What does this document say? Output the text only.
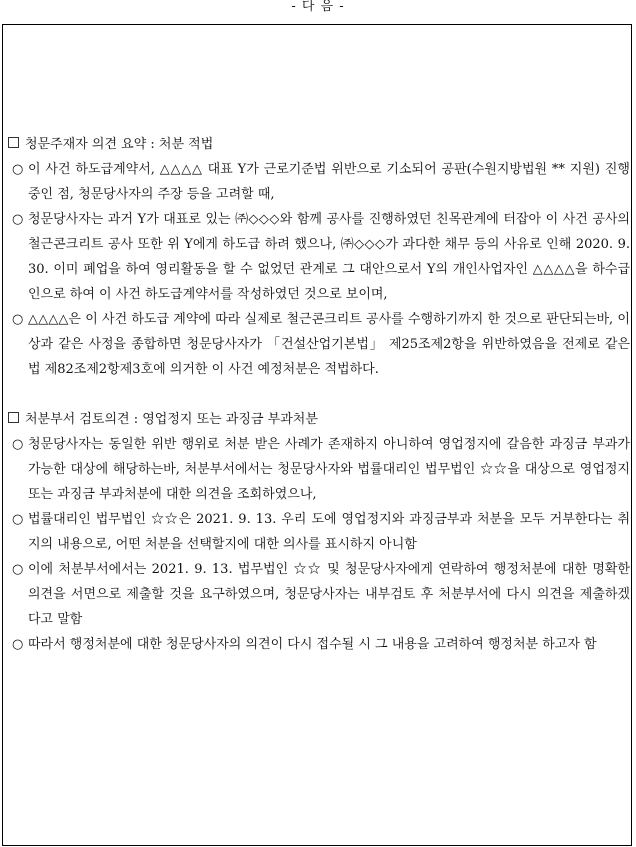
- 다 음 -

청문주재자 의견 요약 : 처분 적법

○ 이 사건 하도급계약서, △△△△ 대표 Y가 근로기준법 위반으로 기소되어 공판(수원지방법원 ** 지원) 진행 중인 점, 청문당사자의 주장 등을 고려할 때,

○ 청문당사자는 과거 Y가 대표로 있는 ㈜◇◇◇와 함께 공사를 진행하였던 친목관계에 터잡아 이 사건 공사의 철근콘크리트 공사 또한 위 Y에게 하도급 하려 했으나, ㈜◇◇◇가 과다한 채무 등의 사유로 인해 2020. 9. 30. 이미 폐업을 하여 영리활동을 할 수 없었던 관계로 그 대안으로서 Y의 개인사업자인 △△△△을 하수급인으로 하여 이 사건 하도급계약서를 작성하였던 것으로 보이며,

○ △△△△은 이 사건 하도급 계약에 따라 실제로 철근콘크리트 공사를 수행하기까지 한 것으로 판단되는바, 이상과 같은 사정을 종합하면 청문당사자가 「건설산업기본법」 제25조제2항을 위반하였음을 전제로 같은 법 제82조제2항제3호에 의거한 이 사건 예정처분은 적법하다.

처분부서 검토의견 : 영업정지 또는 과징금 부과처분

○ 청문당사자는 동일한 위반 행위로 처분 받은 사례가 존재하지 아니하여 영업정지에 갈음한 과징금 부과가 가능한 대상에 해당하는바, 처분부서에서는 청문당사자와 법률대리인 법무법인 ☆☆을 대상으로 영업정지 또는 과징금 부과처분에 대한 의견을 조회하였으나,

○ 법률대리인 법무법인 ☆☆은 2021. 9. 13. 우리 도에 영업정지와 과징금부과 처분을 모두 거부한다는 취지의 내용으로, 어떤 처분을 선택할지에 대한 의사를 표시하지 아니함

○ 이에 처분부서에서는 2021. 9. 13. 법무법인 ☆☆ 및 청문당사자에게 연락하여 행정처분에 대한 명확한 의견을 서면으로 제출할 것을 요구하였으며, 청문당사자는 내부검토 후 처분부서에 다시 의견을 제출하겠다고 말함

○ 따라서 행정처분에 대한 청문당사자의 의견이 다시 접수될 시 그 내용을 고려하여 행정처분 하고자 함
